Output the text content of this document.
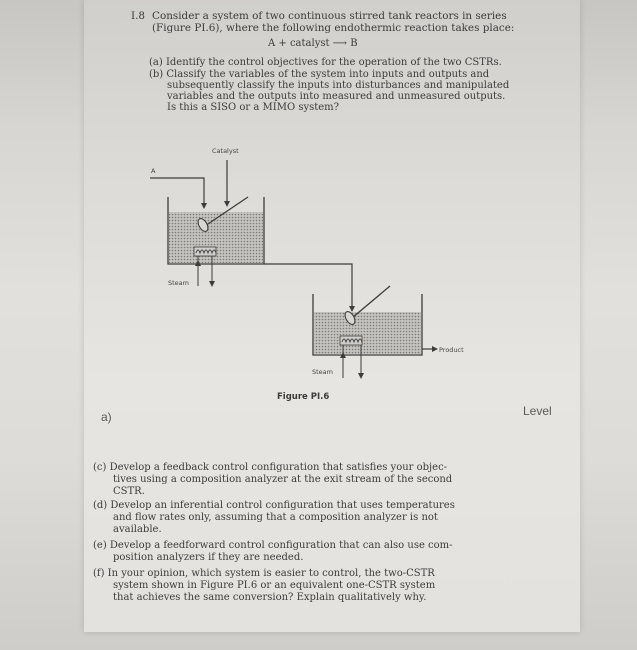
I.8 Consider a system of two continuous stirred tank reactors in series
(Figure PI.6), where the following endothermic reaction takes place:
A + catalyst ⟶ B
(a) Identify the control objectives for the operation of the two CSTRs.
(b) Classify the variables of the system into inputs and outputs and
subsequently classify the inputs into disturbances and manipulated
variables and the outputs into measured and unmeasured outputs.
Is this a SISO or a MIMO system?
Catalyst
A
Steam
Steam
Product
Figure PI.6
a)	Level
(c) Develop a feedback control configuration that satisfies your objec-
tives using a composition analyzer at the exit stream of the second
CSTR.
(d) Develop an inferential control configuration that uses temperatures
and flow rates only, assuming that a composition analyzer is not
available.
(e) Develop a feedforward control configuration that can also use com-
position analyzers if they are needed.
(f) In your opinion, which system is easier to control, the two-CSTR
system shown in Figure PI.6 or an equivalent one-CSTR system
that achieves the same conversion? Explain qualitatively why.
